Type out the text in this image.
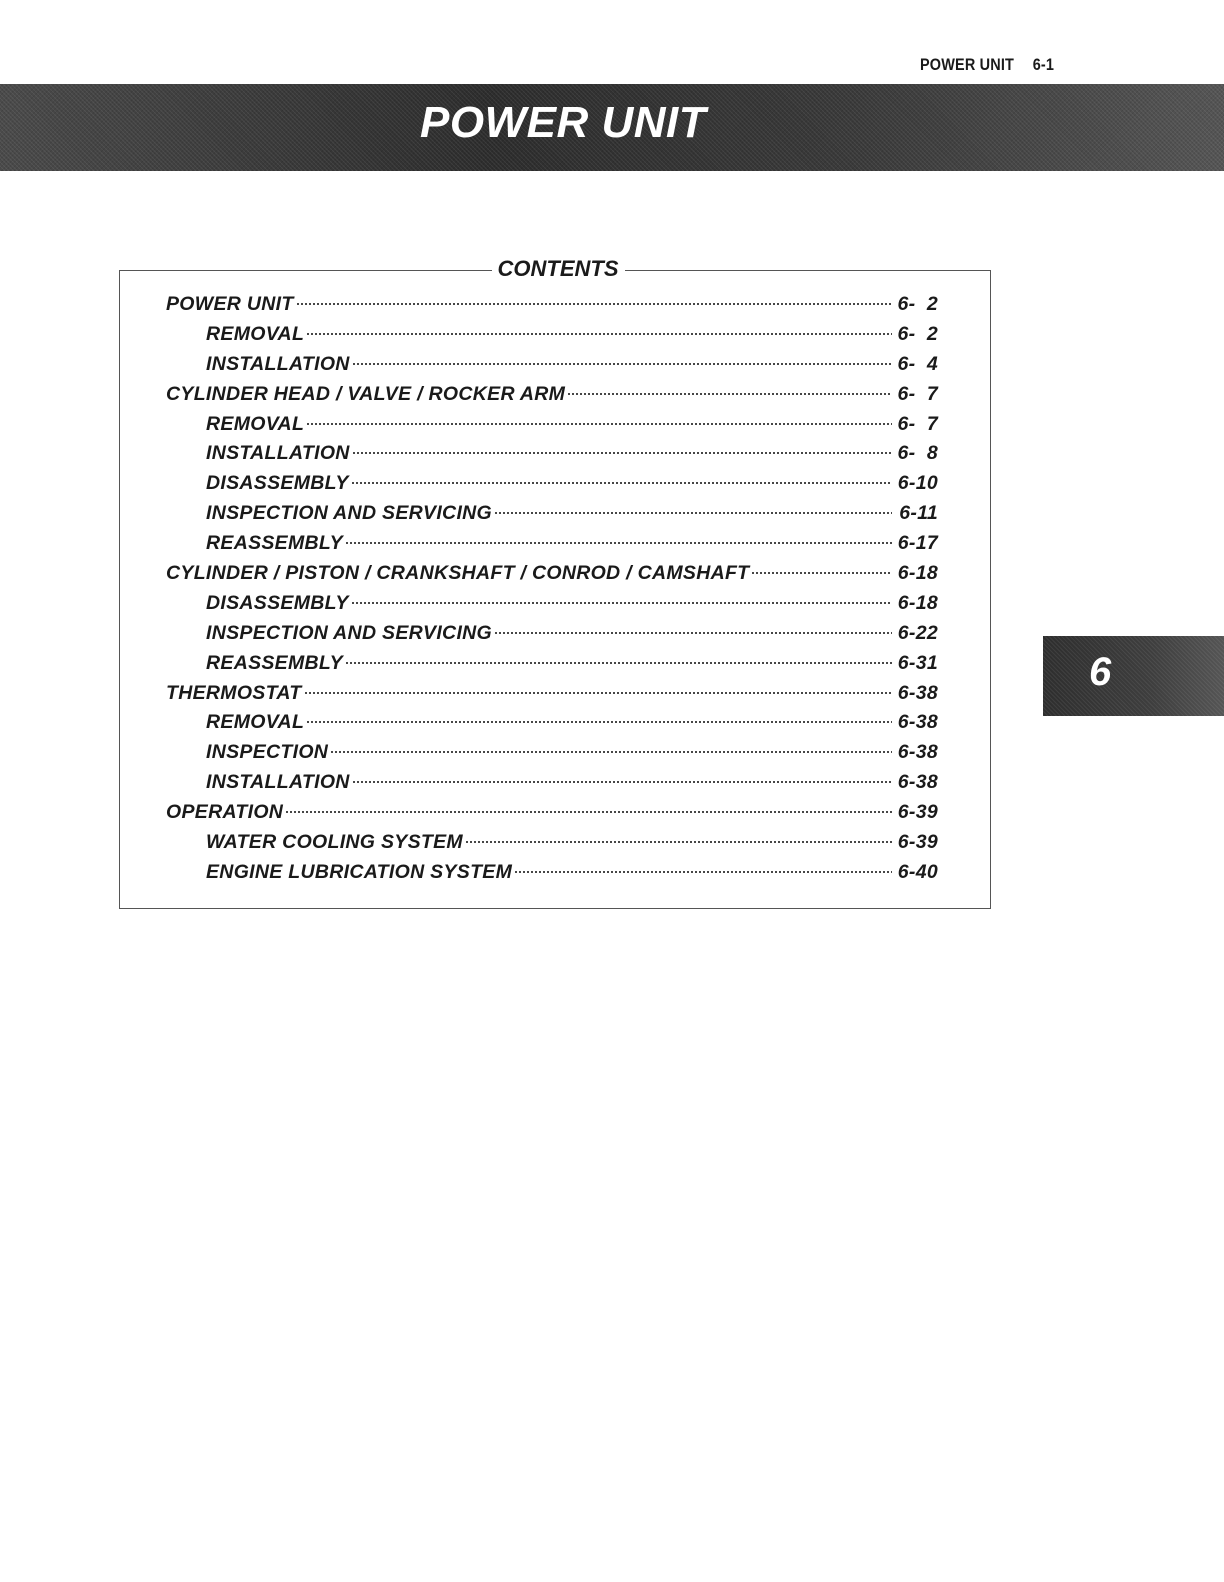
POWER UNIT 6-1
POWER UNIT
CONTENTS
POWER UNIT	6-  2
REMOVAL	6-  2
INSTALLATION	6-  4
CYLINDER HEAD / VALVE / ROCKER ARM	6-  7
REMOVAL	6-  7
INSTALLATION	6-  8
DISASSEMBLY	6-10
INSPECTION AND SERVICING	6-11
REASSEMBLY	6-17
CYLINDER / PISTON / CRANKSHAFT / CONROD / CAMSHAFT	6-18
DISASSEMBLY	6-18
INSPECTION AND SERVICING	6-22
REASSEMBLY	6-31
THERMOSTAT	6-38
REMOVAL	6-38
INSPECTION	6-38
INSTALLATION	6-38
OPERATION	6-39
WATER COOLING SYSTEM	6-39
ENGINE LUBRICATION SYSTEM	6-40
6
